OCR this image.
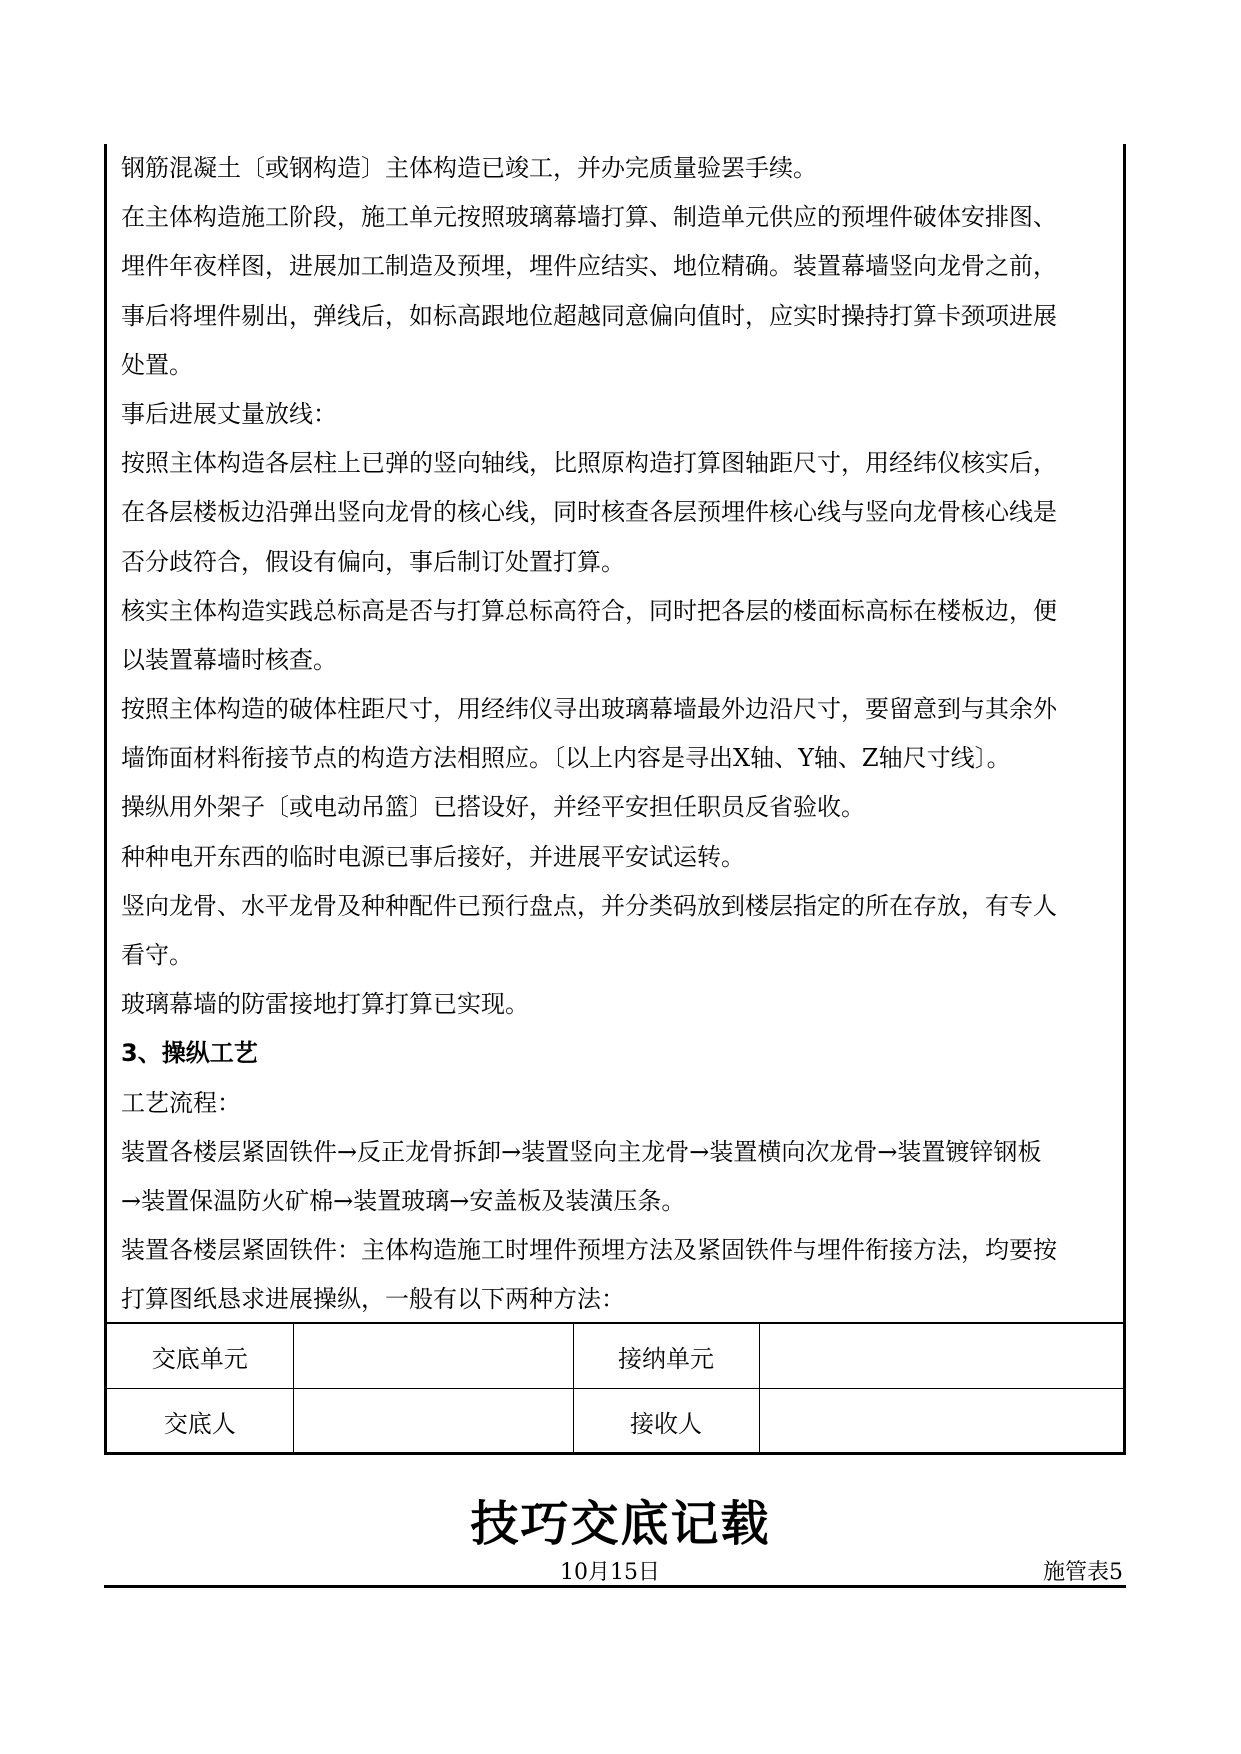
钢筋混凝土〔或钢构造〕主体构造已竣工，并办完质量验罢手续。
在主体构造施工阶段，施工单元按照玻璃幕墙打算、制造单元供应的预埋件破体安排图、
埋件年夜样图，进展加工制造及预埋，埋件应结实、地位精确。装置幕墙竖向龙骨之前，
事后将埋件剔出，弹线后，如标高跟地位超越同意偏向值时，应实时操持打算卡颈项进展
处置。
事后进展丈量放线：
按照主体构造各层柱上已弹的竖向轴线，比照原构造打算图轴距尺寸，用经纬仪核实后，
在各层楼板边沿弹出竖向龙骨的核心线，同时核查各层预埋件核心线与竖向龙骨核心线是
否分歧符合，假设有偏向，事后制订处置打算。
核实主体构造实践总标高是否与打算总标高符合，同时把各层的楼面标高标在楼板边，便
以装置幕墙时核查。
按照主体构造的破体柱距尺寸，用经纬仪寻出玻璃幕墙最外边沿尺寸，要留意到与其余外
墙饰面材料衔接节点的构造方法相照应。〔以上内容是寻出X轴、Y轴、Z轴尺寸线〕。
操纵用外架子〔或电动吊篮〕已搭设好，并经平安担任职员反省验收。
种种电开东西的临时电源已事后接好，并进展平安试运转。
竖向龙骨、水平龙骨及种种配件已预行盘点，并分类码放到楼层指定的所在存放，有专人
看守。
玻璃幕墙的防雷接地打算打算已实现。
3、操纵工艺
工艺流程：
装置各楼层紧固铁件→反正龙骨拆卸→装置竖向主龙骨→装置横向次龙骨→装置镀锌钢板
→装置保温防火矿棉→装置玻璃→安盖板及装潢压条。
装置各楼层紧固铁件：主体构造施工时埋件预埋方法及紧固铁件与埋件衔接方法，均要按
打算图纸恳求进展操纵，一般有以下两种方法：
交底单元		接纳单元	
交底人		接收人	
技巧交底记载
10月15日	施管表5
